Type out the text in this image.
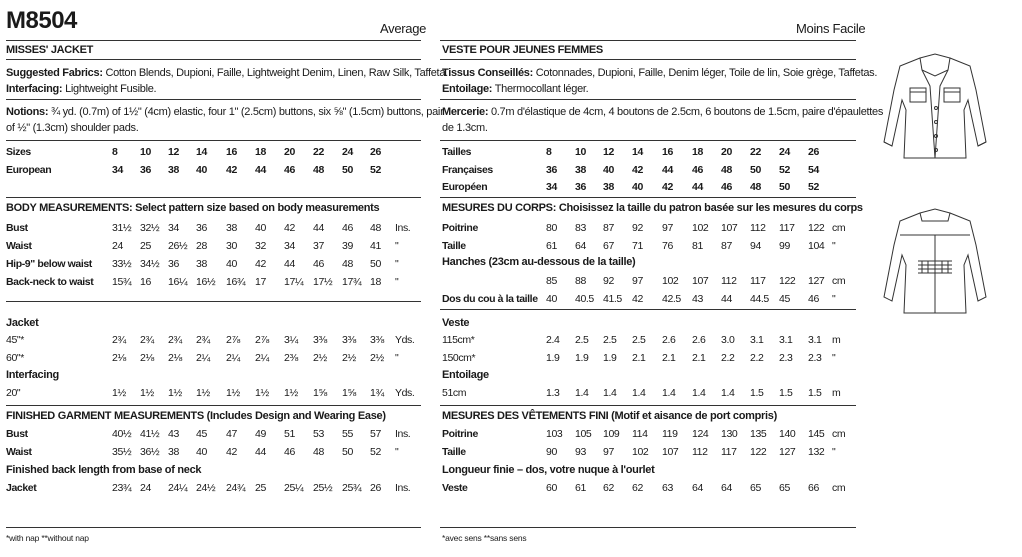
M8504	Average
MISSES' JACKET
Suggested Fabrics: Cotton Blends, Dupioni, Faille, Lightweight Denim, Linen, Raw Silk, Taffeta.
Interfacing: Lightweight Fusible.
Notions: ¾ yd. (0.7m) of 1½" (4cm) elastic, four 1" (2.5cm) buttons, six ⅝" (1.5cm) buttons, pair
of ½" (1.3cm) shoulder pads.
BODY MEASUREMENTS: Select pattern size based on body measurements
Jacket
Interfacing
FINISHED GARMENT MEASUREMENTS (Includes Design and Wearing Ease)
Finished back length from base of neck
*with nap **without nap
Moins Facile
VESTE POUR JEUNES FEMMES
Tissus Conseillés: Cotonnades, Dupioni, Faille, Denim léger, Toile de lin, Soie grège, Taffetas.
Entoilage: Thermocollant léger.
Mercerie: 0.7m d'élastique de 4cm, 4 boutons de 2.5cm, 6 boutons de 1.5cm, paire d'épaulettes
de 1.3cm.
MESURES DU CORPS: Choisissez la taille du patron basée sur les mesures du corps
Hanches (23cm au-dessous de la taille)
Veste
Entoilage
MESURES DES VÊTEMENTS FINI (Motif et aisance de port compris)
Longueur finie – dos, votre nuque à l'ourlet
*avec sens **sans sens
Sizes	8 10 12 14 16 18 20 22 24 26
European	34 36 38 40 42 44 46 48 50 52
Bust	31½ 32½ 34 36 38 40 42 44 46 48 Ins.
Waist	24 25 26½ 28 30 32 34 37 39 41 "
Hip-9" below waist 33½ 34½ 36 38 40 42 44 46 48 50 "
Back-neck to waist 15¾ 16 16¼ 16½ 16¾ 17 17¼ 17½ 17¾ 18 "
45"*	2¾ 2¾ 2¾ 2¾ 2⅞ 2⅞ 3¼ 3⅜ 3⅜ 3⅜ Yds.
60"*	2⅛ 2⅛ 2⅛ 2¼ 2¼ 2¼ 2⅜ 2½ 2½ 2½ "
20"	1½ 1½ 1½ 1½ 1½ 1½ 1½ 1⅝ 1⅝ 1¾ Yds.
Bust	40½ 41½ 43 45 47 49 51 53 55 57 Ins.
Waist	35½ 36½ 38 40 42 44 46 48 50 52 "
Jacket	23¾ 24 24¼ 24½ 24¾ 25 25¼ 25½ 25¾ 26 Ins.
Tailles	8 10 12 14 16 18 20 22 24 26
Françaises	36 38 40 42 44 46 48 50 52 54
Européen	34 36 38 40 42 44 46 48 50 52
Poitrine	80 83 87 92 97 102 107 112 117 122 cm
Taille	61 64 67 71 76 81 87 94 99 104 "
85 88 92 97 102 107 112 117 122 127 cm
Dos du cou à la taille 40 40.5 41.5 42 42.5 43 44 44.5 45 46 "
115cm*	2.4 2.5 2.5 2.5 2.6 2.6 3.0 3.1 3.1 3.1 m
150cm*	1.9 1.9 1.9 2.1 2.1 2.1 2.2 2.2 2.3 2.3 "
51cm	1.3 1.4 1.4 1.4 1.4 1.4 1.4 1.5 1.5 1.5 m
Poitrine	103 105 109 114 119 124 130 135 140 145 cm
Taille	90 93 97 102 107 112 117 122 127 132 "
Veste	60 61 62 62 63 64 64 65 65 66 cm
